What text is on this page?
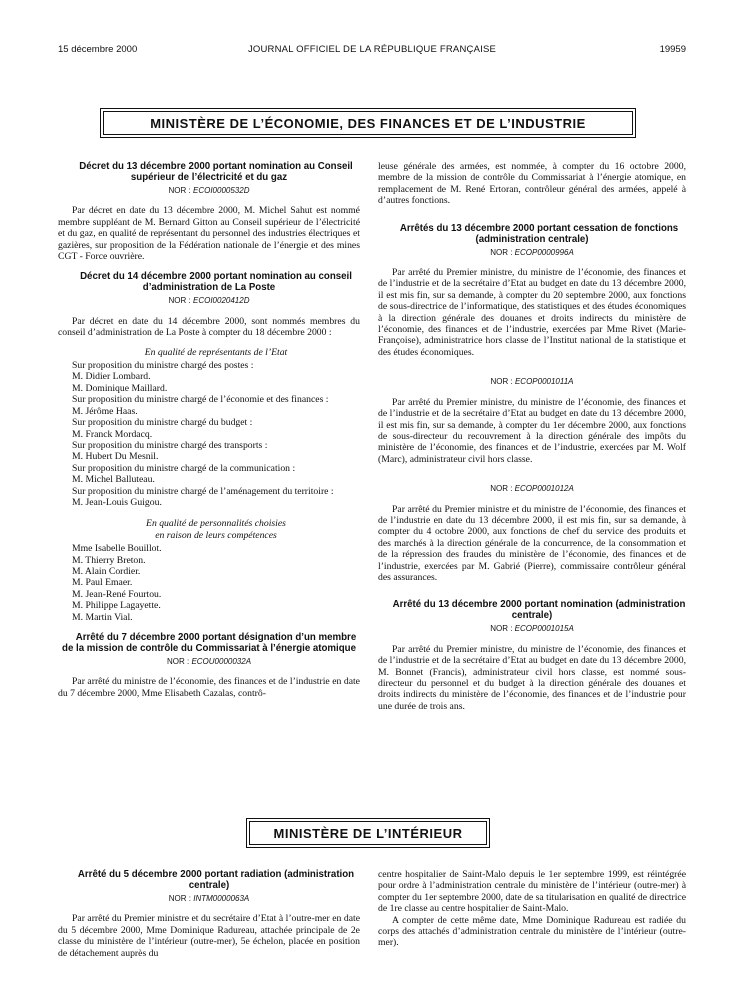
15 décembre 2000	JOURNAL OFFICIEL DE LA RÉPUBLIQUE FRANÇAISE	19959
MINISTÈRE DE L’ÉCONOMIE, DES FINANCES ET DE L’INDUSTRIE

Décret du 13 décembre 2000 portant nomination au Conseil supérieur de l’électricité et du gaz

NOR : ECOI0000532D

Par décret en date du 13 décembre 2000, M. Michel Sahut est nommé membre suppléant de M. Bernard Gitton au Conseil supérieur de l’électricité et du gaz, en qualité de représentant du personnel des industries électriques et gazières, sur proposition de la Fédération nationale de l’énergie et des mines CGT - Force ouvrière.

Décret du 14 décembre 2000 portant nomination au conseil d’administration de La Poste

NOR : ECOI0020412D

Par décret en date du 14 décembre 2000, sont nommés membres du conseil d’administration de La Poste à compter du 18 décembre 2000 :

En qualité de représentants de l’Etat

Sur proposition du ministre chargé des postes :

M. Didier Lombard.

M. Dominique Maillard.

Sur proposition du ministre chargé de l’économie et des finances :

M. Jérôme Haas.

Sur proposition du ministre chargé du budget :

M. Franck Mordacq.

Sur proposition du ministre chargé des transports :

M. Hubert Du Mesnil.

Sur proposition du ministre chargé de la communication :

M. Michel Balluteau.

Sur proposition du ministre chargé de l’aménagement du territoire :

M. Jean-Louis Guigou.

En qualité de personnalités choisies

en raison de leurs compétences

Mme Isabelle Bouillot.

M. Thierry Breton.

M. Alain Cordier.

M. Paul Emaer.

M. Jean-René Fourtou.

M. Philippe Lagayette.

M. Martin Vial.

Arrêté du 7 décembre 2000 portant désignation d’un membre de la mission de contrôle du Commissariat à l’énergie atomique

NOR : ECOU0000032A

Par arrêté du ministre de l’économie, des finances et de l’industrie en date du 7 décembre 2000, Mme Elisabeth Cazalas, contrô-

leuse générale des armées, est nommée, à compter du 16 octobre 2000, membre de la mission de contrôle du Commissariat à l’énergie atomique, en remplacement de M. René Ertoran, contrôleur général des armées, appelé à d’autres fonctions.

Arrêtés du 13 décembre 2000 portant cessation de fonctions (administration centrale)

NOR : ECOP0000996A

Par arrêté du Premier ministre, du ministre de l’économie, des finances et de l’industrie et de la secrétaire d’Etat au budget en date du 13 décembre 2000, il est mis fin, sur sa demande, à compter du 20 septembre 2000, aux fonctions de sous-directrice de l’informatique, des statistiques et des études économiques à la direction générale des douanes et droits indirects du ministère de l’économie, des finances et de l’industrie, exercées par Mme Rivet (Marie-Françoise), administratrice hors classe de l’Institut national de la statistique et des études économiques.

NOR : ECOP0001011A

Par arrêté du Premier ministre, du ministre de l’économie, des finances et de l’industrie et de la secrétaire d’Etat au budget en date du 13 décembre 2000, il est mis fin, sur sa demande, à compter du 1er décembre 2000, aux fonctions de sous-directeur du recouvrement à la direction générale des impôts du ministère de l’économie, des finances et de l’industrie, exercées par M. Wolf (Marc), administrateur civil hors classe.

NOR : ECOP0001012A

Par arrêté du Premier ministre et du ministre de l’économie, des finances et de l’industrie en date du 13 décembre 2000, il est mis fin, sur sa demande, à compter du 4 octobre 2000, aux fonctions de chef du service des produits et des marchés à la direction générale de la concurrence, de la consommation et de la répression des fraudes du ministère de l’économie, des finances et de l’industrie, exercées par M. Gabrié (Pierre), commissaire contrôleur général des assurances.

Arrêté du 13 décembre 2000 portant nomination (administration centrale)

NOR : ECOP0001015A

Par arrêté du Premier ministre, du ministre de l’économie, des finances et de l’industrie et de la secrétaire d’Etat au budget en date du 13 décembre 2000, M. Bonnet (Francis), administrateur civil hors classe, est nommé sous-directeur du personnel et du budget à la direction générale des douanes et droits indirects du ministère de l’économie, des finances et de l’industrie pour une durée de trois ans.

MINISTÈRE DE L’INTÉRIEUR

Arrêté du 5 décembre 2000 portant radiation (administration centrale)

NOR : INTM0000063A

Par arrêté du Premier ministre et du secrétaire d’Etat à l’outre-mer en date du 5 décembre 2000, Mme Dominique Radureau, attachée principale de 2e classe du ministère de l’intérieur (outre-mer), 5e échelon, placée en position de détachement auprès du

centre hospitalier de Saint-Malo depuis le 1er septembre 1999, est réintégrée pour ordre à l’administration centrale du ministère de l’intérieur (outre-mer) à compter du 1er septembre 2000, date de sa titularisation en qualité de directrice de 1re classe au centre hospitalier de Saint-Malo.

A compter de cette même date, Mme Dominique Radureau est radiée du corps des attachés d’administration centrale du ministère de l’intérieur (outre-mer).
